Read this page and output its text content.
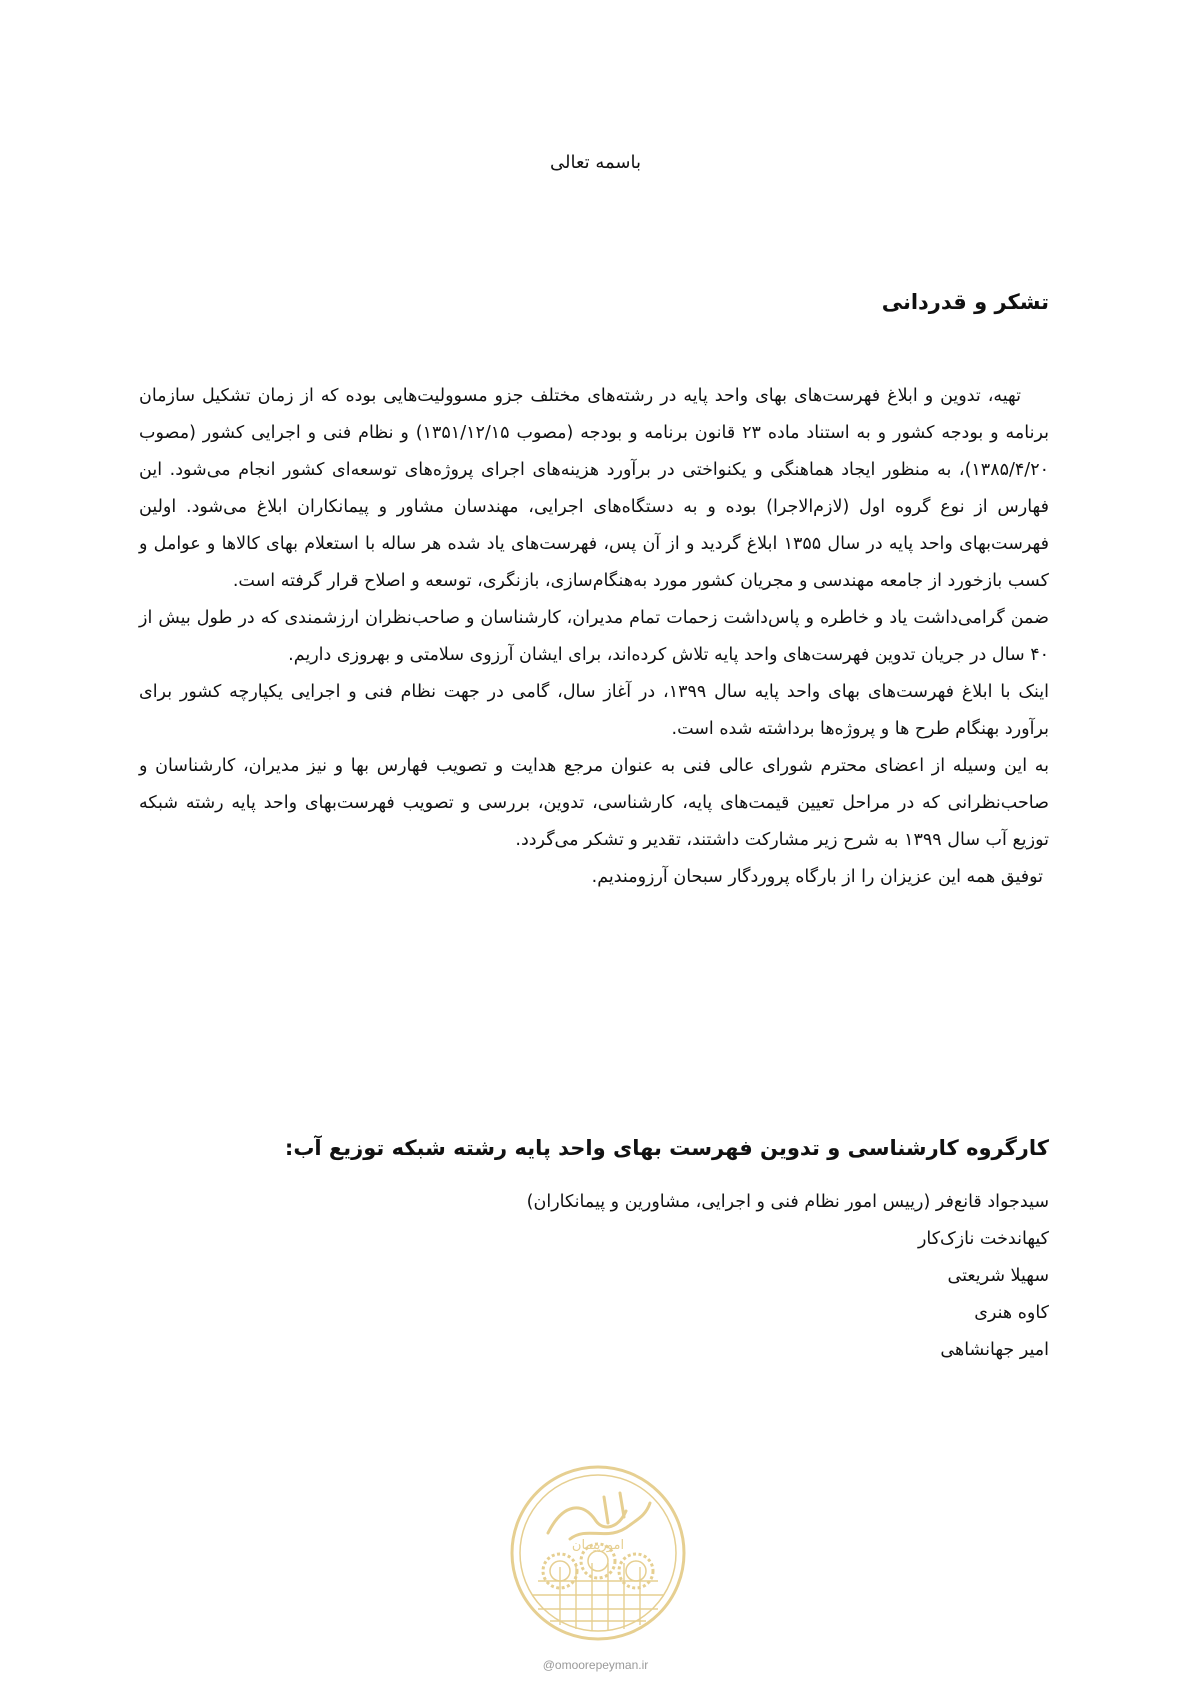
باسمه تعالی
تشکر و قدردانی

تهیه، تدوین و ابلاغ فهرست‌های بهای واحد پایه در رشته‌های مختلف جزو مسوولیت‌هایی بوده که از زمان تشکیل سازمان برنامه و بودجه کشور و به استناد ماده ۲۳ قانون برنامه و بودجه (مصوب ۱۳۵۱/۱۲/۱۵) و نظام فنی و اجرایی کشور (مصوب ۱۳۸۵/۴/۲۰)، به منظور ایجاد هماهنگی و یکنواختی در برآورد هزینه‌های اجرای پروژه‌های توسعه‌ای کشور انجام می‌شود. این فهارس از نوع گروه اول (لازم‌الاجرا) بوده و به دستگاه‌های اجرایی، مهندسان مشاور و پیمانکاران ابلاغ می‌شود. اولین فهرست‌بهای واحد پایه در سال ۱۳۵۵ ابلاغ گردید و از آن پس، فهرست‌های یاد شده هر ساله با استعلام بهای کالاها و عوامل و کسب بازخورد از جامعه مهندسی و مجریان کشور مورد به‌هنگام‌سازی، بازنگری، توسعه و اصلاح قرار گرفته است.

ضمن گرامی‌داشت یاد و خاطره و پاس‌داشت زحمات تمام مدیران، کارشناسان و صاحب‌نظران ارزشمندی که در طول بیش از ۴۰ سال در جریان تدوین فهرست‌های واحد پایه تلاش کرده‌اند، برای ایشان آرزوی سلامتی و بهروزی داریم.

اینک با ابلاغ فهرست‌های بهای واحد پایه سال ۱۳۹۹، در آغاز سال، گامی در جهت نظام فنی و اجرایی یکپارچه کشور برای برآورد بهنگام طرح ها و پروژه‌ها برداشته شده است.

به این وسیله از اعضای محترم شورای عالی فنی به عنوان مرجع هدایت و تصویب فهارس بها و نیز مدیران، کارشناسان و صاحب‌نظرانی که در مراحل تعیین قیمت‌های پایه، کارشناسی، تدوین، بررسی و تصویب فهرست‌بهای واحد پایه رشته شبکه توزیع آب سال ۱۳۹۹ به شرح زیر مشارکت داشتند، تقدیر و تشکر می‌گردد.

توفیق همه این عزیزان را از بارگاه پروردگار سبحان آرزومندیم.

کارگروه کارشناسی و تدوین فهرست بهای واحد پایه رشته شبکه توزیع آب:
سیدجواد قانع‌فر (رییس امور نظام فنی و اجرایی، مشاورین و پیمانکاران)
کیهاندخت نازک‌کار
سهیلا شریعتی
کاوه هنری
امیر جهانشاهی
امورپیمان
@omoorepeyman.ir
